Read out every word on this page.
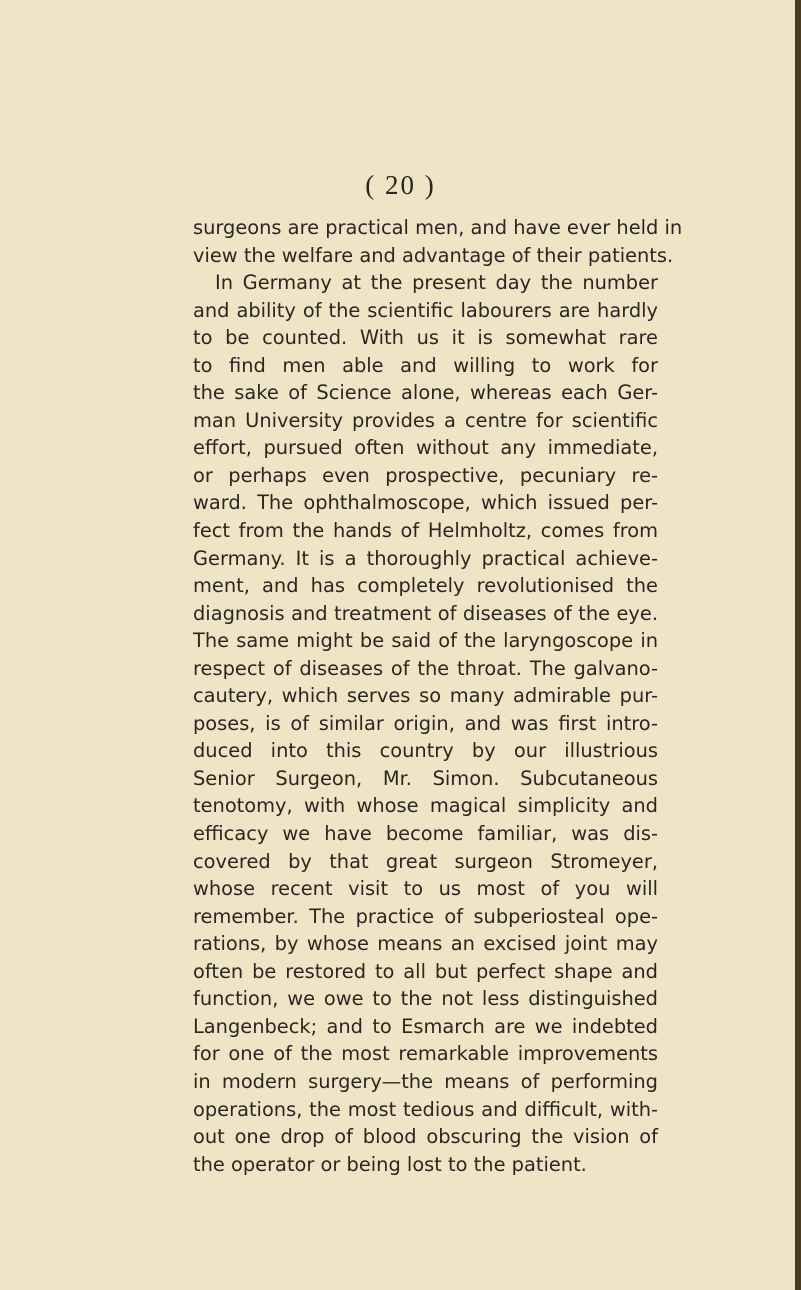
( 20 )
surgeons are practical men, and have ever held in
view the welfare and advantage of their patients.
In Germany at the present day the number
and ability of the scientific labourers are hardly
to be counted. With us it is somewhat rare
to find men able and willing to work for
the sake of Science alone, whereas each Ger-
man University provides a centre for scientific
effort, pursued often without any immediate,
or perhaps even prospective, pecuniary re-
ward. The ophthalmoscope, which issued per-
fect from the hands of Helmholtz, comes from
Germany. It is a thoroughly practical achieve-
ment, and has completely revolutionised the
diagnosis and treatment of diseases of the eye.
The same might be said of the laryngoscope in
respect of diseases of the throat. The galvano-
cautery, which serves so many admirable pur-
poses, is of similar origin, and was first intro-
duced into this country by our illustrious
Senior Surgeon, Mr. Simon. Subcutaneous
tenotomy, with whose magical simplicity and
efficacy we have become familiar, was dis-
covered by that great surgeon Stromeyer,
whose recent visit to us most of you will
remember. The practice of subperiosteal ope-
rations, by whose means an excised joint may
often be restored to all but perfect shape and
function, we owe to the not less distinguished
Langenbeck; and to Esmarch are we indebted
for one of the most remarkable improvements
in modern surgery—the means of performing
operations, the most tedious and difficult, with-
out one drop of blood obscuring the vision of
the operator or being lost to the patient.
